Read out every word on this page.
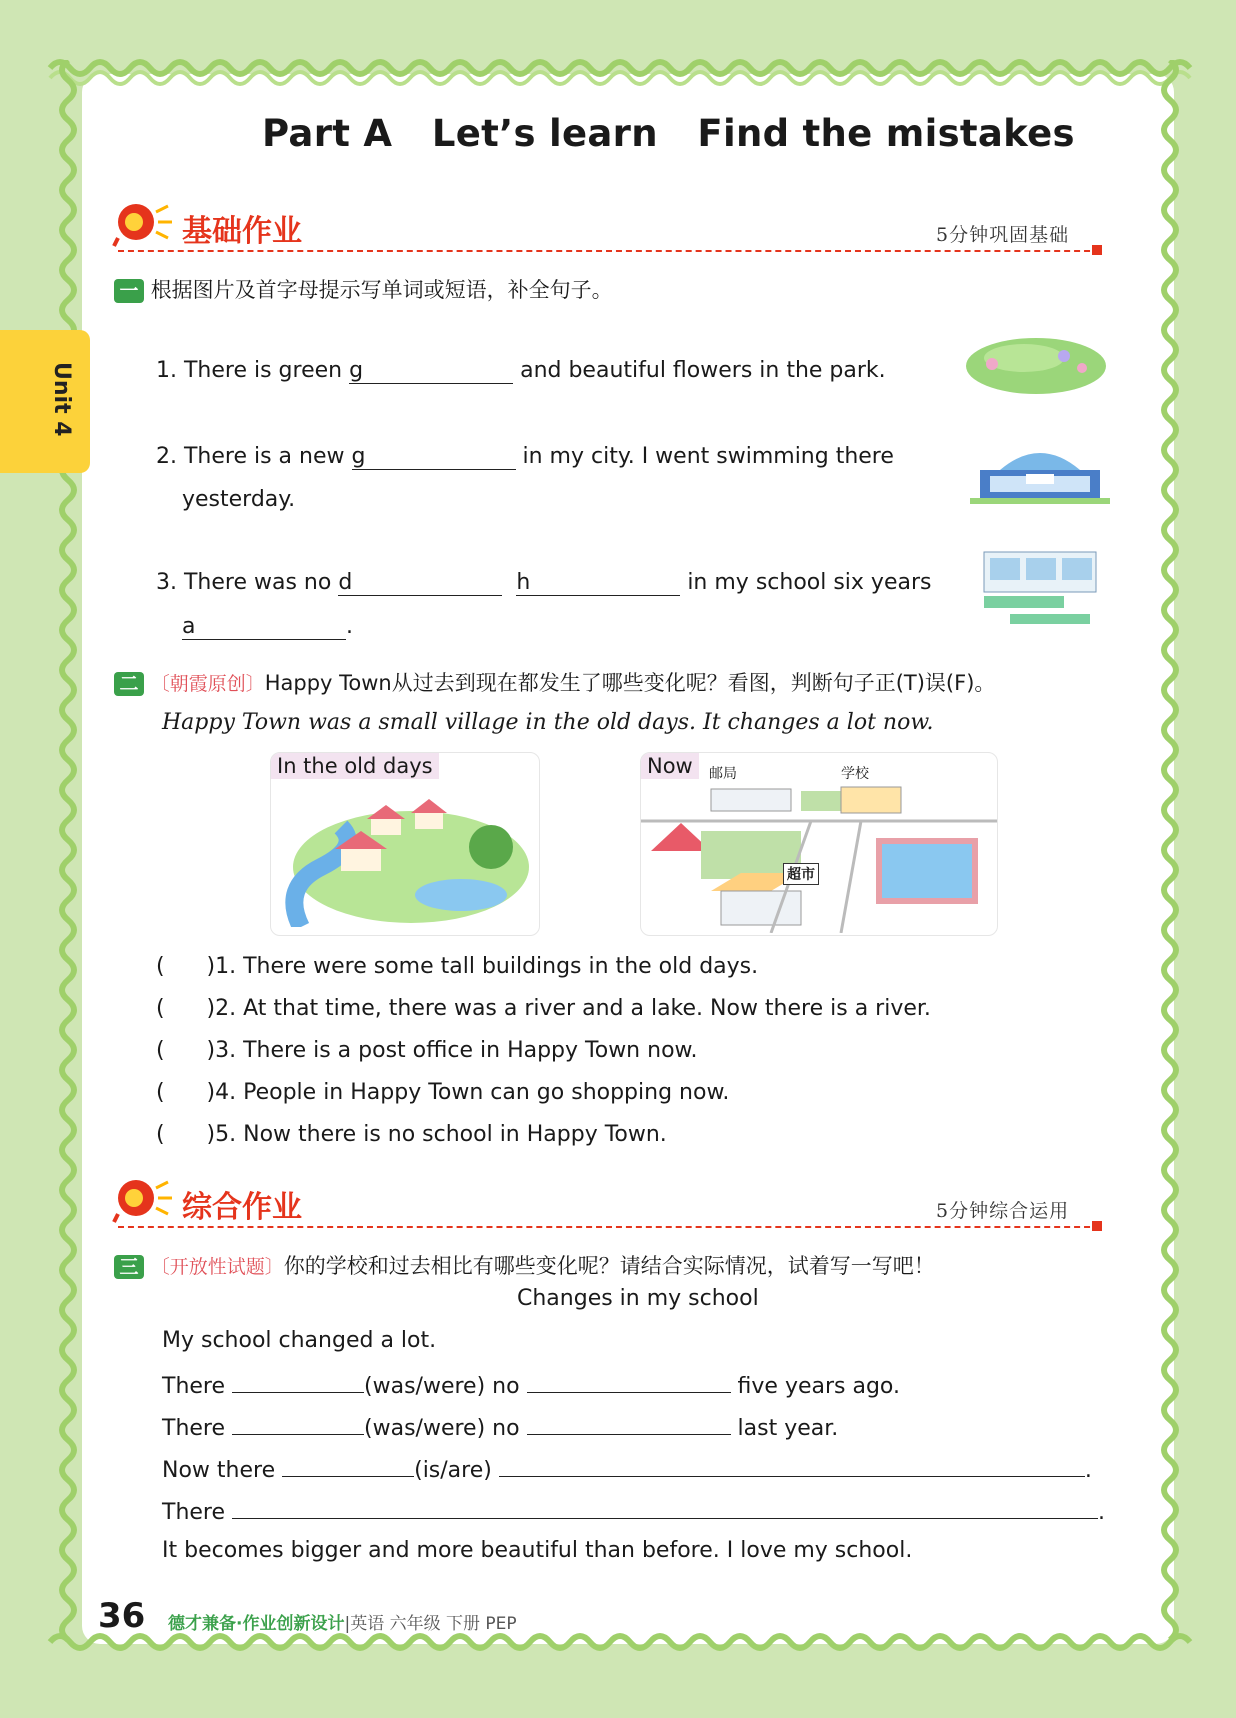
Unit 4
Part A   Let’s learn   Find the mistakes
基础作业	5分钟巩固基础
一 根据图片及首字母提示写单词或短语，补全句子。
1. There is green g	and beautiful flowers in the park.
2. There is a new g	in my city. I went swimming there
yesterday.
3. There was no d	h	in my school six years
a	.
二 〔朝霞原创〕Happy Town从过去到现在都发生了哪些变化呢？看图，判断句子正(T)误(F)。
Happy Town was a small village in the old days. It changes a lot now.
In the old days	Now	邮局	学校
超市
(      )1. There were some tall buildings in the old days.
(      )2. At that time, there was a river and a lake. Now there is a river.
(      )3. There is a post office in Happy Town now.
(      )4. People in Happy Town can go shopping now.
(      )5. Now there is no school in Happy Town.
综合作业	5分钟综合运用
三 〔开放性试题〕你的学校和过去相比有哪些变化呢？请结合实际情况，试着写一写吧！
Changes in my school
My school changed a lot.
There	(was/were) no	five years ago.
There	(was/were) no	last year.
Now there	(is/are)	.
There	.
It becomes bigger and more beautiful than before. I love my school.
36 德才兼备·作业创新设计|英语 六年级 下册 PEP
